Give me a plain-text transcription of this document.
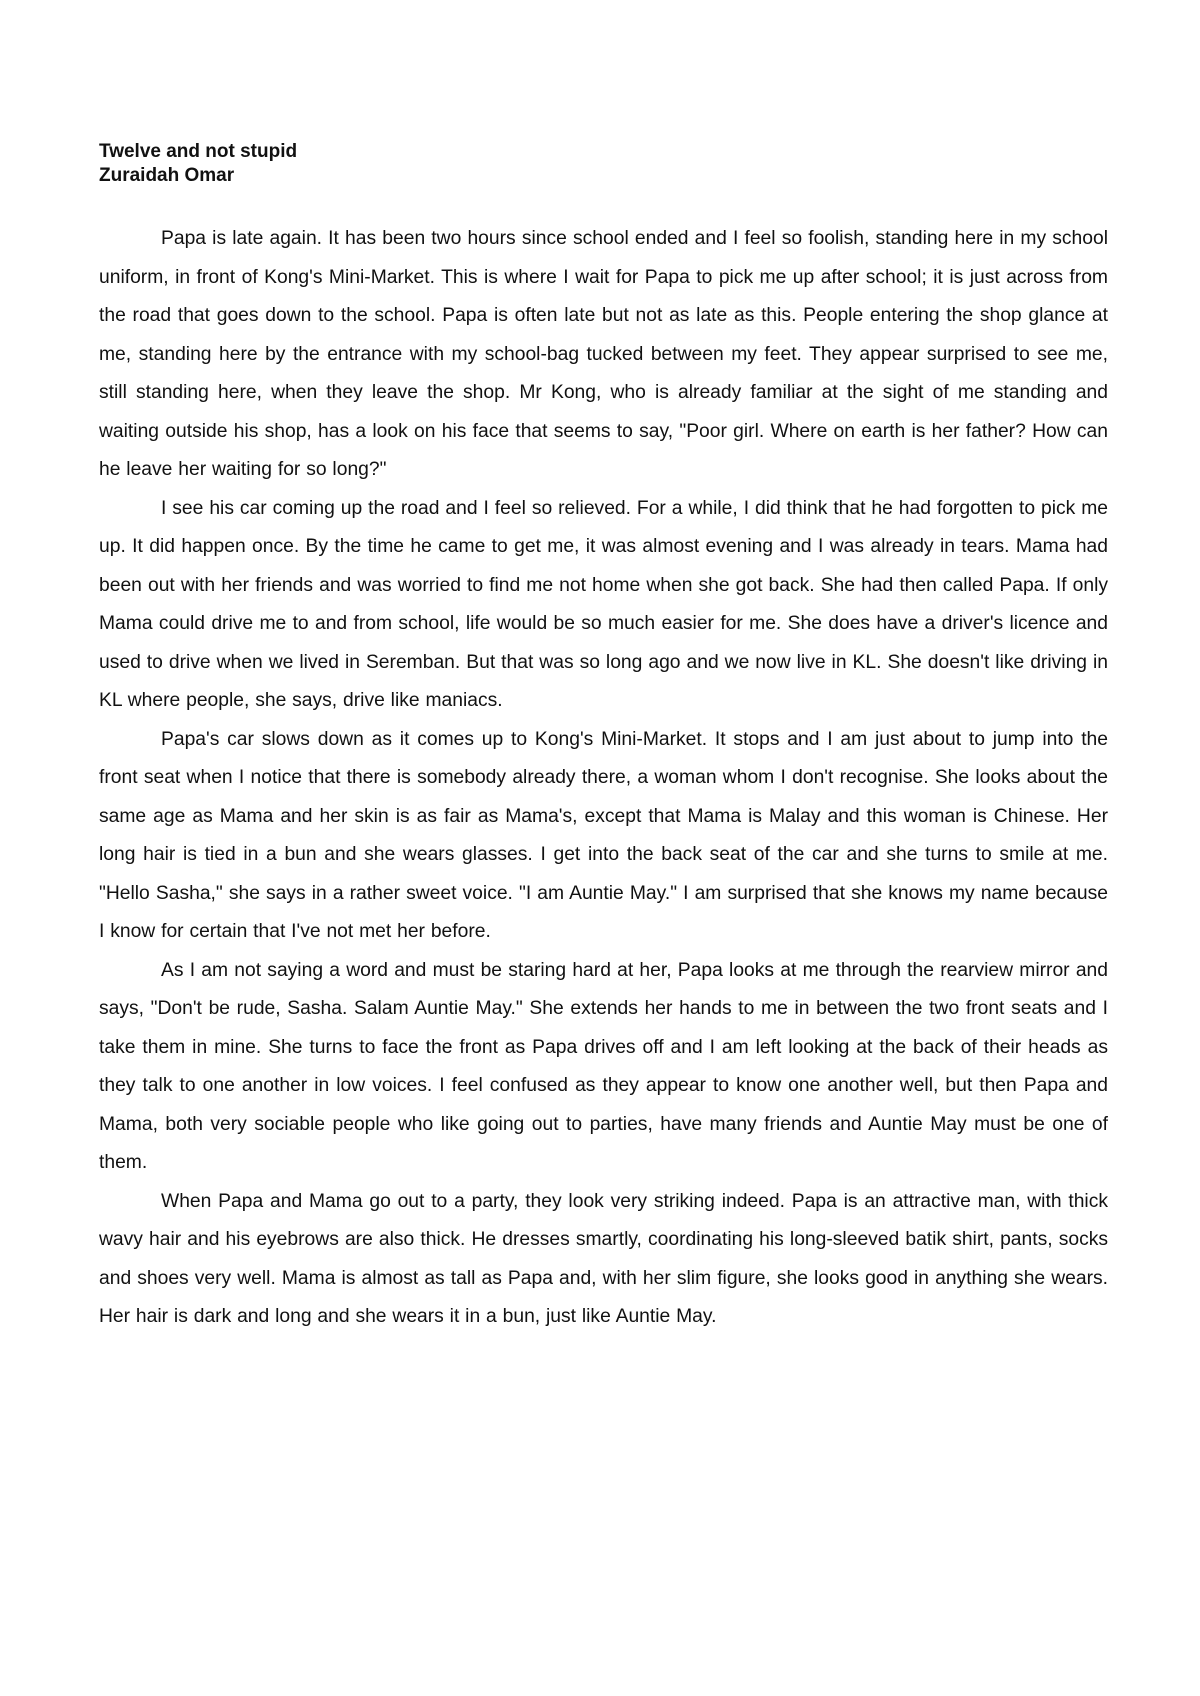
Twelve and not stupid

Zuraidah Omar

Papa is late again. It has been two hours since school ended and I feel so foolish, standing here in my school uniform, in front of Kong's Mini-Market. This is where I wait for Papa to pick me up after school; it is just across from the road that goes down to the school. Papa is often late but not as late as this. People entering the shop glance at me, standing here by the entrance with my school-bag tucked between my feet. They appear surprised to see me, still standing here, when they leave the shop. Mr Kong, who is already familiar at the sight of me standing and waiting outside his shop, has a look on his face that seems to say, "Poor girl. Where on earth is her father? How can he leave her waiting for so long?"

I see his car coming up the road and I feel so relieved. For a while, I did think that he had forgotten to pick me up. It did happen once. By the time he came to get me, it was almost evening and I was already in tears. Mama had been out with her friends and was worried to find me not home when she got back. She had then called Papa. If only Mama could drive me to and from school, life would be so much easier for me. She does have a driver's licence and used to drive when we lived in Seremban. But that was so long ago and we now live in KL. She doesn't like driving in KL where people, she says, drive like maniacs.

Papa's car slows down as it comes up to Kong's Mini-Market. It stops and I am just about to jump into the front seat when I notice that there is somebody already there, a woman whom I don't recognise. She looks about the same age as Mama and her skin is as fair as Mama's, except that Mama is Malay and this woman is Chinese. Her long hair is tied in a bun and she wears glasses. I get into the back seat of the car and she turns to smile at me. "Hello Sasha," she says in a rather sweet voice. "I am Auntie May." I am surprised that she knows my name because I know for certain that I've not met her before.

As I am not saying a word and must be staring hard at her, Papa looks at me through the rearview mirror and says, "Don't be rude, Sasha. Salam Auntie May." She extends her hands to me in between the two front seats and I take them in mine. She turns to face the front as Papa drives off and I am left looking at the back of their heads as they talk to one another in low voices. I feel confused as they appear to know one another well, but then Papa and Mama, both very sociable people who like going out to parties, have many friends and Auntie May must be one of them.

When Papa and Mama go out to a party, they look very striking indeed. Papa is an attractive man, with thick wavy hair and his eyebrows are also thick. He dresses smartly, coordinating his long-sleeved batik shirt, pants, socks and shoes very well. Mama is almost as tall as Papa and, with her slim figure, she looks good in anything she wears. Her hair is dark and long and she wears it in a bun, just like Auntie May.
